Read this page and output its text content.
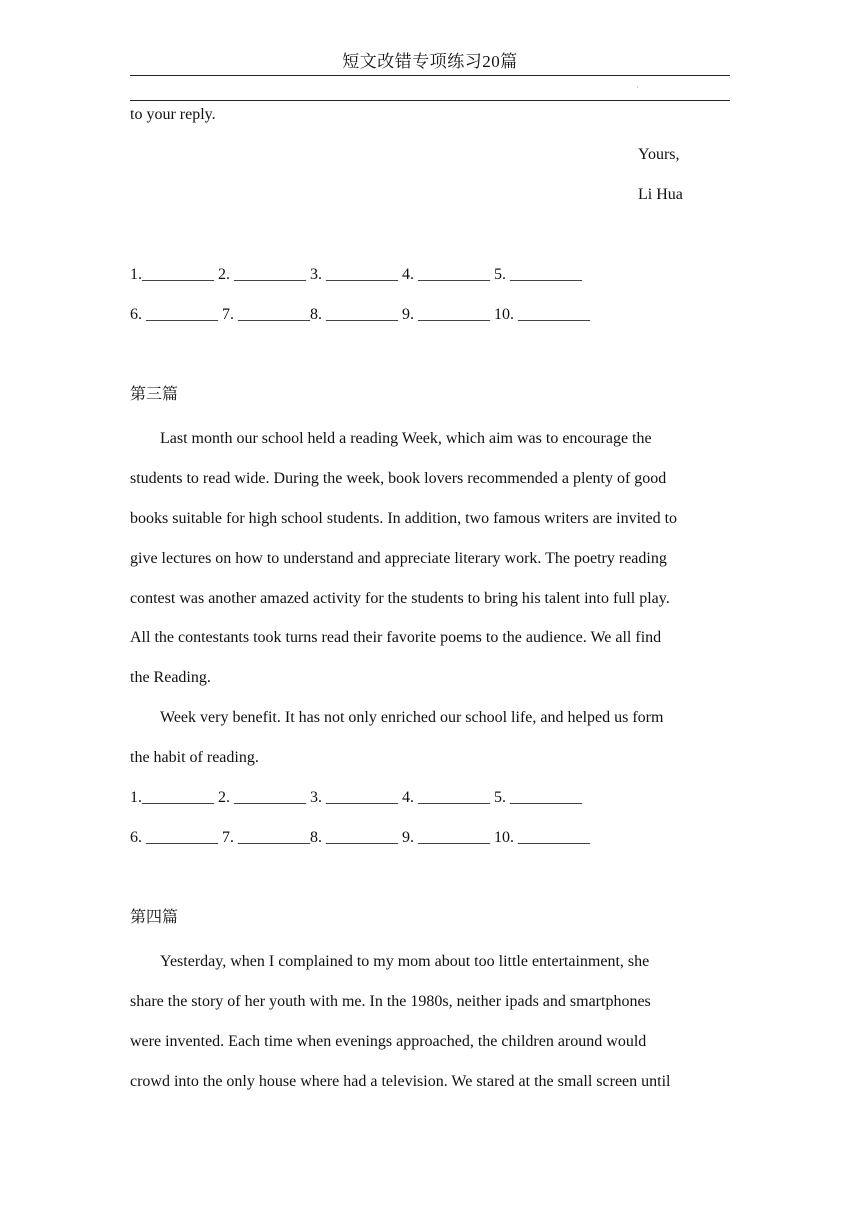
短文改错专项练习20篇
·
to your reply.
Yours,
Li Hua
1._________ 2. _________ 3. _________ 4. _________ 5. _________
6. _________ 7. _________8. _________ 9. _________ 10. _________
第三篇
Last month our school held a reading Week, which aim was to encourage the
students to read wide. During the week, book lovers recommended a plenty of good
books suitable for high school students. In addition, two famous writers are invited to
give lectures on how to understand and appreciate literary work. The poetry reading
contest was another amazed activity for the students to bring his talent into full play.
All the contestants took turns read their favorite poems to the audience. We all find
the Reading.
Week very benefit. It has not only enriched our school life, and helped us form
the habit of reading.
1._________ 2. _________ 3. _________ 4. _________ 5. _________
6. _________ 7. _________8. _________ 9. _________ 10. _________
第四篇
Yesterday, when I complained to my mom about too little entertainment, she
share the story of her youth with me. In the 1980s, neither ipads and smartphones
were invented. Each time when evenings approached, the children around would
crowd into the only house where had a television. We stared at the small screen until
